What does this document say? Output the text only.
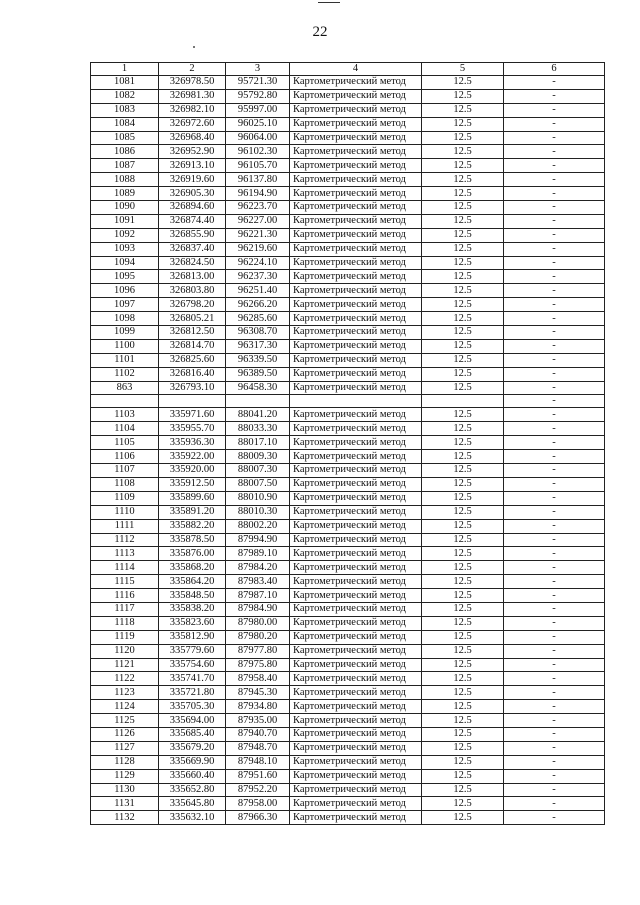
22
1	2	3	4	5	6
1081	326978.50	95721.30	Картометрический метод	12.5	-
1082	326981.30	95792.80	Картометрический метод	12.5	-
1083	326982.10	95997.00	Картометрический метод	12.5	-
1084	326972.60	96025.10	Картометрический метод	12.5	-
1085	326968.40	96064.00	Картометрический метод	12.5	-
1086	326952.90	96102.30	Картометрический метод	12.5	-
1087	326913.10	96105.70	Картометрический метод	12.5	-
1088	326919.60	96137.80	Картометрический метод	12.5	-
1089	326905.30	96194.90	Картометрический метод	12.5	-
1090	326894.60	96223.70	Картометрический метод	12.5	-
1091	326874.40	96227.00	Картометрический метод	12.5	-
1092	326855.90	96221.30	Картометрический метод	12.5	-
1093	326837.40	96219.60	Картометрический метод	12.5	-
1094	326824.50	96224.10	Картометрический метод	12.5	-
1095	326813.00	96237.30	Картометрический метод	12.5	-
1096	326803.80	96251.40	Картометрический метод	12.5	-
1097	326798.20	96266.20	Картометрический метод	12.5	-
1098	326805.21	96285.60	Картометрический метод	12.5	-
1099	326812.50	96308.70	Картометрический метод	12.5	-
1100	326814.70	96317.30	Картометрический метод	12.5	-
1101	326825.60	96339.50	Картометрический метод	12.5	-
1102	326816.40	96389.50	Картометрический метод	12.5	-
863	326793.10	96458.30	Картометрический метод	12.5	-
					-
1103	335971.60	88041.20	Картометрический метод	12.5	-
1104	335955.70	88033.30	Картометрический метод	12.5	-
1105	335936.30	88017.10	Картометрический метод	12.5	-
1106	335922.00	88009.30	Картометрический метод	12.5	-
1107	335920.00	88007.30	Картометрический метод	12.5	-
1108	335912.50	88007.50	Картометрический метод	12.5	-
1109	335899.60	88010.90	Картометрический метод	12.5	-
1110	335891.20	88010.30	Картометрический метод	12.5	-
1111	335882.20	88002.20	Картометрический метод	12.5	-
1112	335878.50	87994.90	Картометрический метод	12.5	-
1113	335876.00	87989.10	Картометрический метод	12.5	-
1114	335868.20	87984.20	Картометрический метод	12.5	-
1115	335864.20	87983.40	Картометрический метод	12.5	-
1116	335848.50	87987.10	Картометрический метод	12.5	-
1117	335838.20	87984.90	Картометрический метод	12.5	-
1118	335823.60	87980.00	Картометрический метод	12.5	-
1119	335812.90	87980.20	Картометрический метод	12.5	-
1120	335779.60	87977.80	Картометрический метод	12.5	-
1121	335754.60	87975.80	Картометрический метод	12.5	-
1122	335741.70	87958.40	Картометрический метод	12.5	-
1123	335721.80	87945.30	Картометрический метод	12.5	-
1124	335705.30	87934.80	Картометрический метод	12.5	-
1125	335694.00	87935.00	Картометрический метод	12.5	-
1126	335685.40	87940.70	Картометрический метод	12.5	-
1127	335679.20	87948.70	Картометрический метод	12.5	-
1128	335669.90	87948.10	Картометрический метод	12.5	-
1129	335660.40	87951.60	Картометрический метод	12.5	-
1130	335652.80	87952.20	Картометрический метод	12.5	-
1131	335645.80	87958.00	Картометрический метод	12.5	-
1132	335632.10	87966.30	Картометрический метод	12.5	-
